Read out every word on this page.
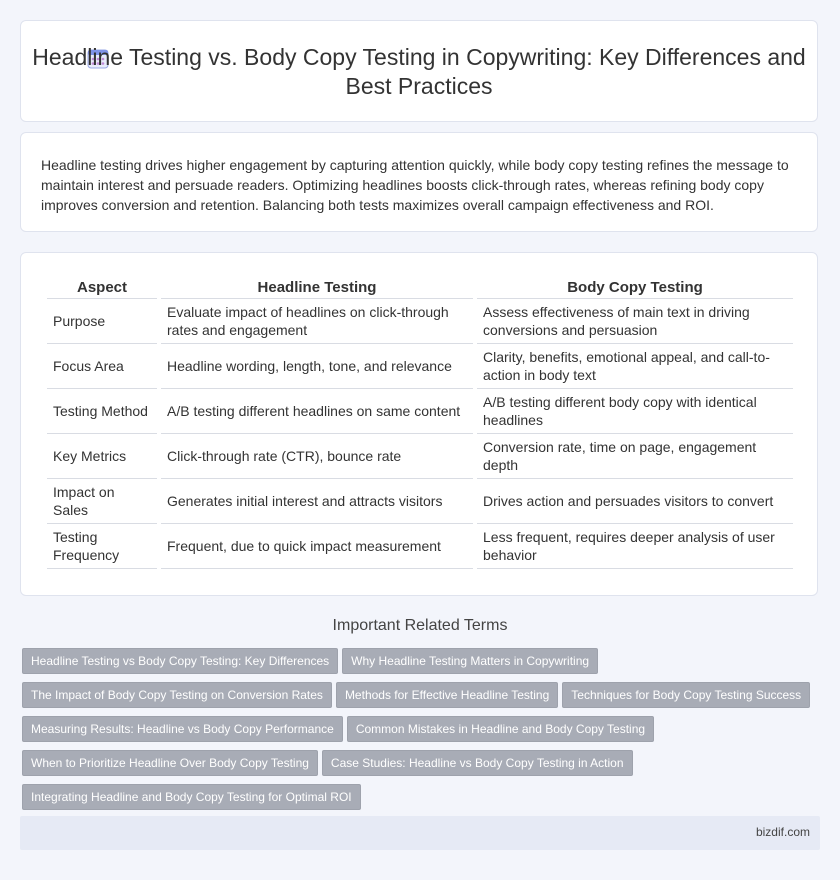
Headline Testing vs. Body Copy Testing in Copywriting: Key Differences and Best Practices

Headline testing drives higher engagement by capturing attention quickly, while body copy testing refines the message to maintain interest and persuade readers. Optimizing headlines boosts click-through rates, whereas refining body copy improves conversion and retention. Balancing both tests maximizes overall campaign effectiveness and ROI.

Aspect	Headline Testing	Body Copy Testing
Purpose	Evaluate impact of headlines on click-through rates and engagement	Assess effectiveness of main text in driving conversions and persuasion
Focus Area	Headline wording, length, tone, and relevance	Clarity, benefits, emotional appeal, and call-to-action in body text
Testing Method	A/B testing different headlines on same content	A/B testing different body copy with identical headlines
Key Metrics	Click-through rate (CTR), bounce rate	Conversion rate, time on page, engagement depth
Impact on Sales	Generates initial interest and attracts visitors	Drives action and persuades visitors to convert
Testing Frequency	Frequent, due to quick impact measurement	Less frequent, requires deeper analysis of user behavior
Important Related Terms
Headline Testing vs Body Copy Testing: Key Differences Why Headline Testing Matters in Copywriting
The Impact of Body Copy Testing on Conversion Rates Methods for Effective Headline Testing Techniques for Body Copy Testing Success
Measuring Results: Headline vs Body Copy Performance Common Mistakes in Headline and Body Copy Testing
When to Prioritize Headline Over Body Copy Testing Case Studies: Headline vs Body Copy Testing in Action
Integrating Headline and Body Copy Testing for Optimal ROI
bizdif.com
